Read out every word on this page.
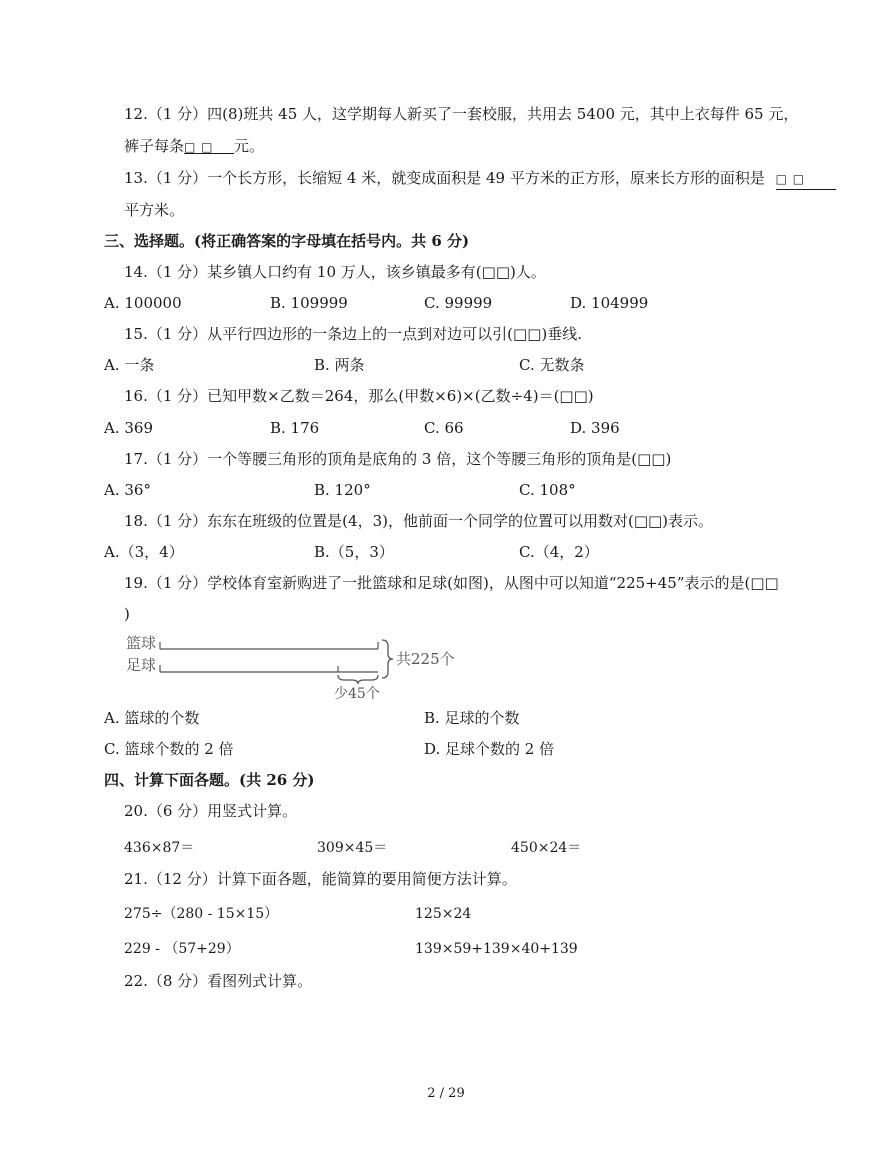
12.（1 分）四(8)班共 45 人，这学期每人新买了一套校服，共用去 5400 元，其中上衣每件 65 元，
裤子每条□ □ 元。
13.（1 分）一个长方形，长缩短 4 米，就变成面积是 49 平方米的正方形，原来长方形的面积是 □ □
平方米。
三、选择题。(将正确答案的字母填在括号内。共 6 分)
14.（1 分）某乡镇人口约有 10 万人，该乡镇最多有(□□)人。
A. 100000	B. 109999	C. 99999	D. 104999
15.（1 分）从平行四边形的一条边上的一点到对边可以引(□□)垂线.
A. 一条	B. 两条	C. 无数条
16.（1 分）已知甲数×乙数＝264，那么(甲数×6)×(乙数÷4)＝(□□)
A. 369	B. 176	C. 66	D. 396
17.（1 分）一个等腰三角形的顶角是底角的 3 倍，这个等腰三角形的顶角是(□□)
A. 36°	B. 120°	C. 108°
18.（1 分）东东在班级的位置是(4，3)，他前面一个同学的位置可以用数对(□□)表示。
A.（3，4）	B.（5，3）	C.（4，2）
19.（1 分）学校体育室新购进了一批篮球和足球(如图)，从图中可以知道“225+45”表示的是(□□
)
篮球
足球	共225个
少45个
A. 篮球的个数	B. 足球的个数
C. 篮球个数的 2 倍	D. 足球个数的 2 倍
四、计算下面各题。(共 26 分)
20.（6 分）用竖式计算。
436×87＝	309×45＝	450×24＝
21.（12 分）计算下面各题，能简算的要用简便方法计算。
275÷（280 - 15×15）	125×24
229 - （57+29）	139×59+139×40+139
22.（8 分）看图列式计算。
2 / 29
